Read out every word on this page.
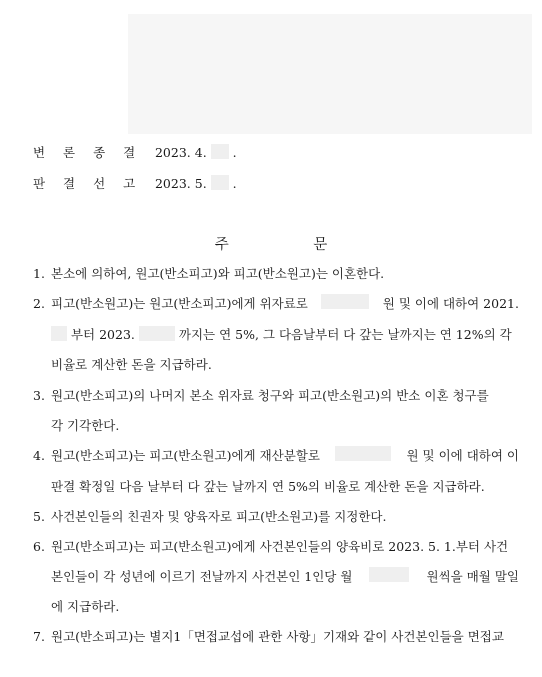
변 론 종 결 2023. 4. .
판 결 선 고 2023. 5. .
주 문
1. 본소에 의하여, 원고(반소피고)와 피고(반소원고)는 이혼한다.
2. 피고(반소원고)는 원고(반소피고)에게 위자료로	원 및 이에 대하여 2021.
부터 2023.	까지는 연 5%, 그 다음날부터 다 갚는 날까지는 연 12%의 각
비율로 계산한 돈을 지급하라.
3. 원고(반소피고)의 나머지 본소 위자료 청구와 피고(반소원고)의 반소 이혼 청구를
각 기각한다.
4. 원고(반소피고)는 피고(반소원고)에게 재산분할로	원 및 이에 대하여 이
판결 확정일 다음 날부터 다 갚는 날까지 연 5%의 비율로 계산한 돈을 지급하라.
5. 사건본인들의 친권자 및 양육자로 피고(반소원고)를 지정한다.
6. 원고(반소피고)는 피고(반소원고)에게 사건본인들의 양육비로 2023. 5. 1.부터 사건
본인들이 각 성년에 이르기 전날까지 사건본인 1인당 월	원씩을 매월 말일
에 지급하라.
7. 원고(반소피고)는 별지1「면접교섭에 관한 사항」기재와 같이 사건본인들을 면접교
